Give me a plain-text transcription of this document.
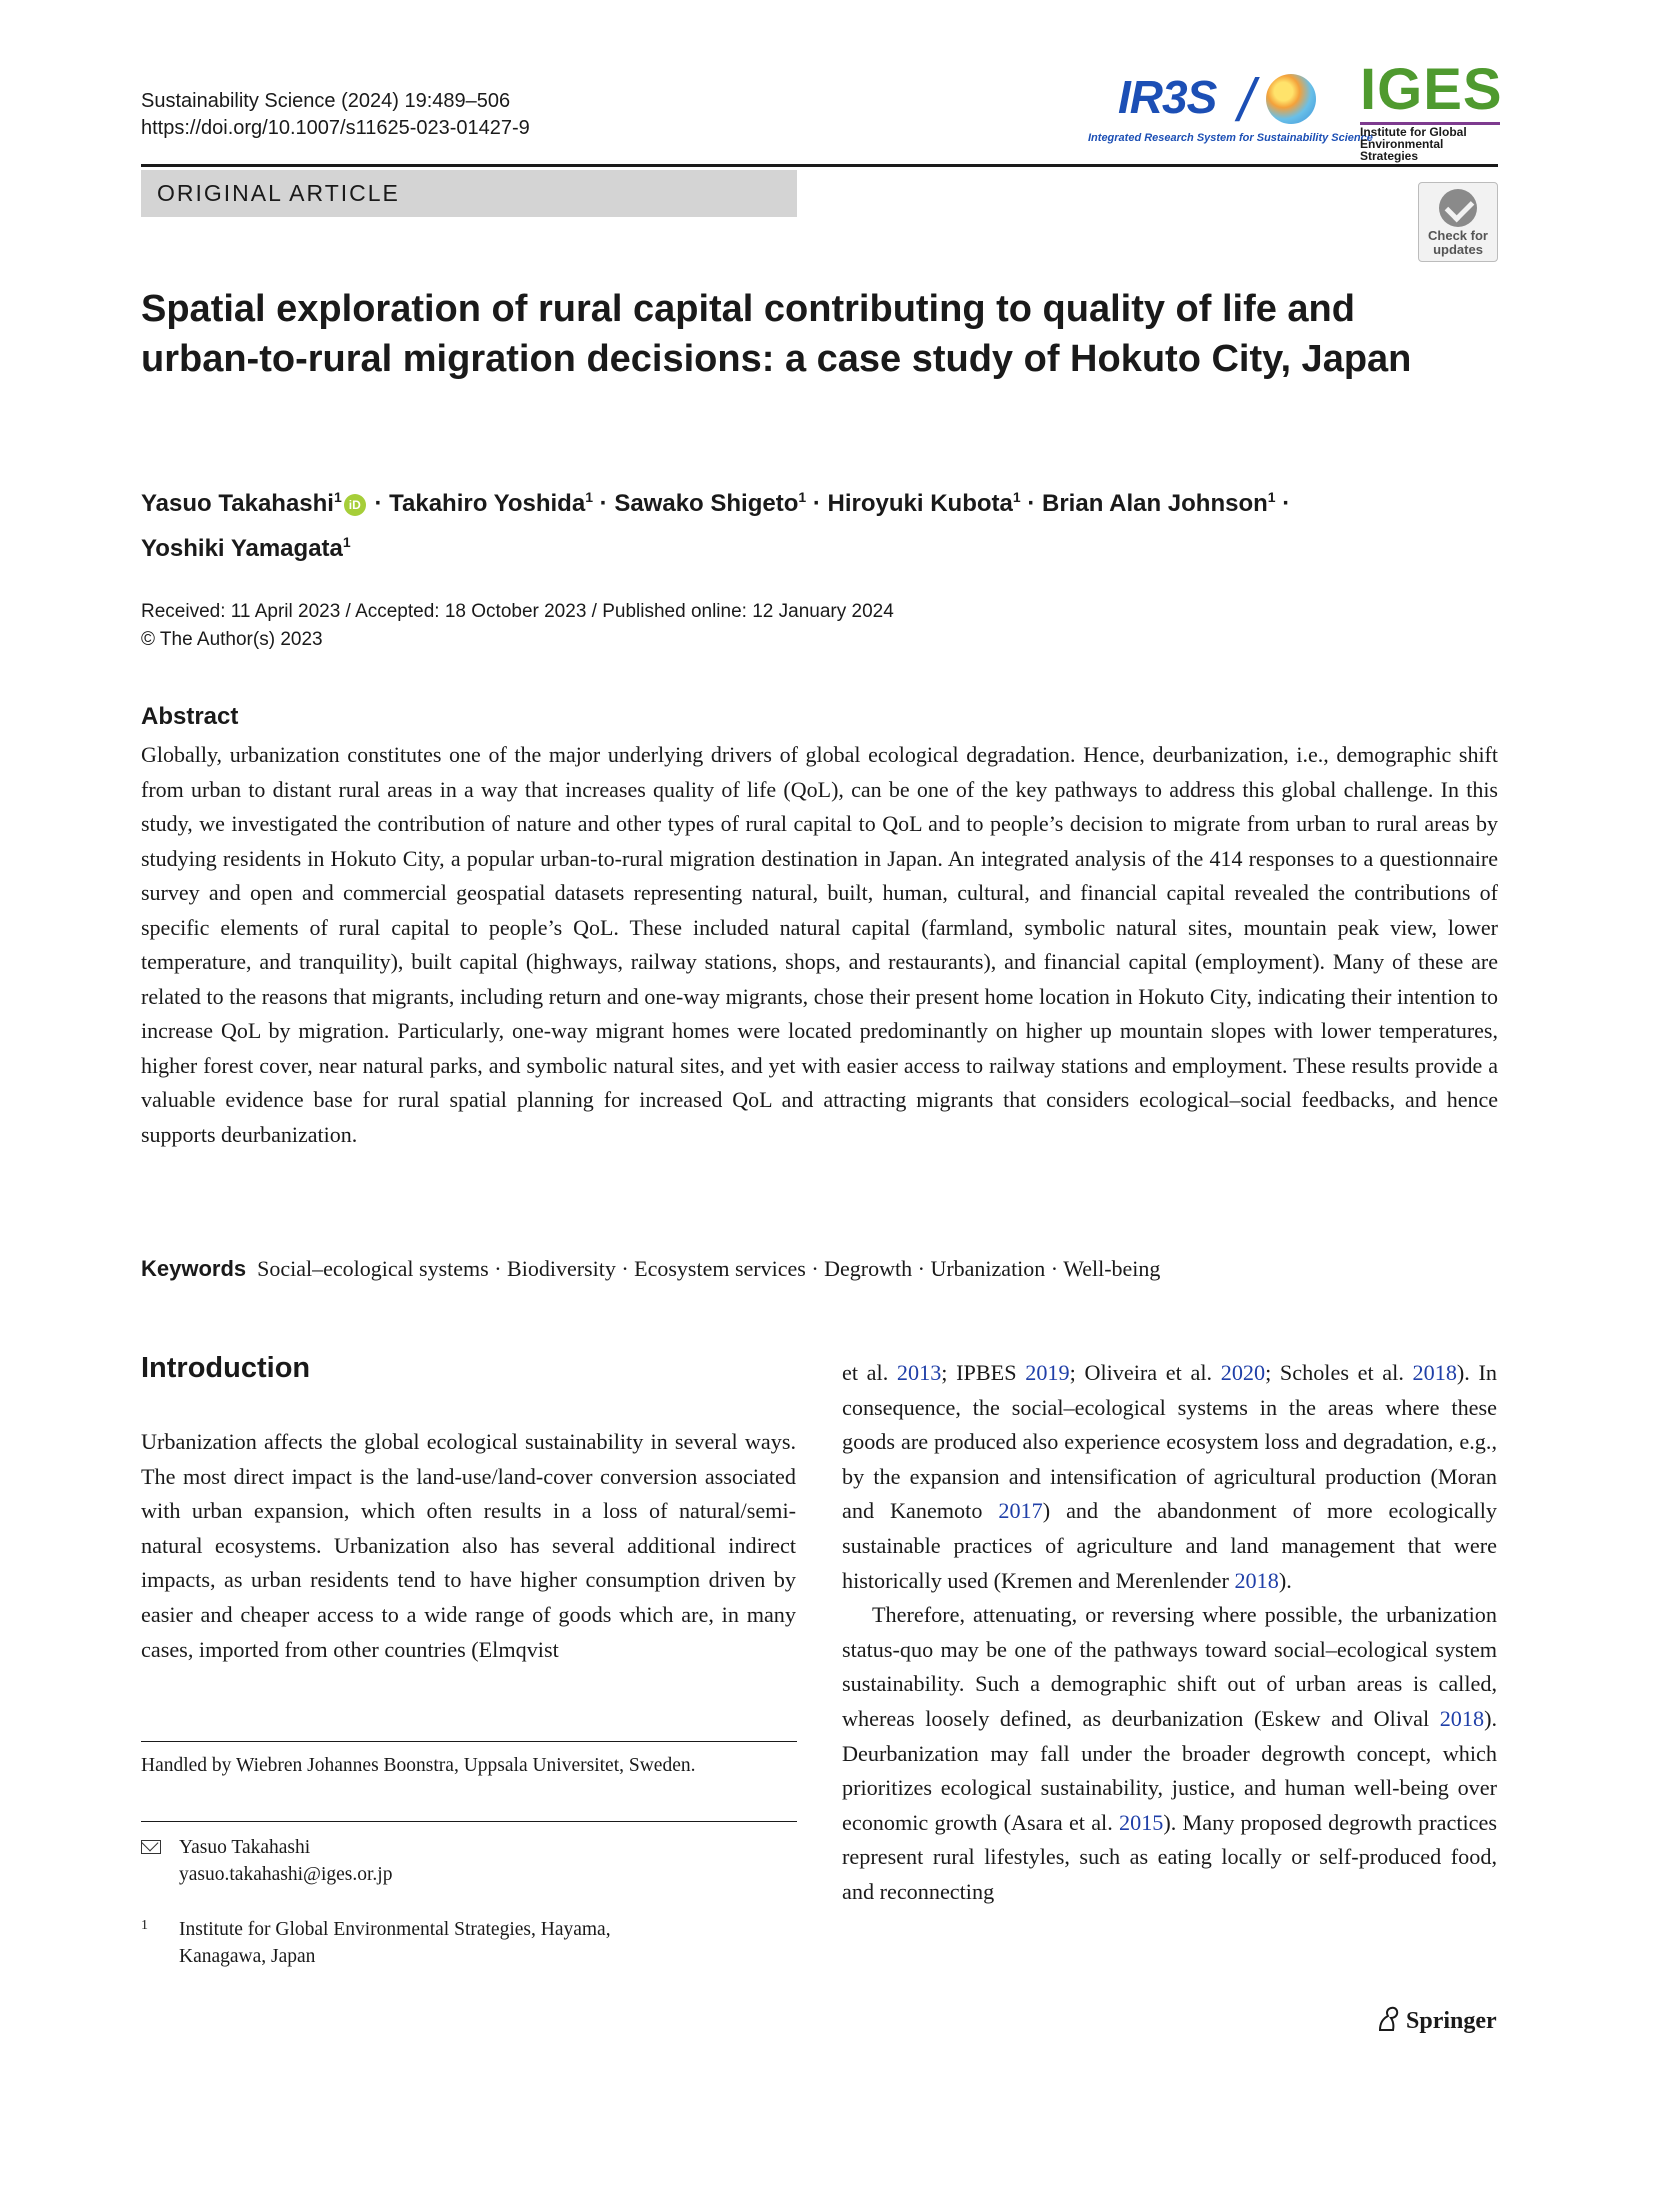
Sustainability Science (2024) 19:489–506
https://doi.org/10.1007/s11625-023-01427-9
IR3S /
Integrated Research System for Sustainability Science
IGES
Institute for Global
Environmental Strategies
ORIGINAL ARTICLE
Check for
updates
Spatial exploration of rural capital contributing to quality of life and urban-to-rural migration decisions: a case study of Hokuto City, Japan
Yasuo Takahashi$^1$ iD · Takahiro Yoshida$^1$ · Sawako Shigeto$^1$ · Hiroyuki Kubota$^1$ · Brian Alan Johnson$^1$ ·
Yoshiki Yamagata$^1$
Received: 11 April 2023 / Accepted: 18 October 2023 / Published online: 12 January 2024
© The Author(s) 2023
Abstract
Globally, urbanization constitutes one of the major underlying drivers of global ecological degradation. Hence, deurbanization, i.e., demographic shift from urban to distant rural areas in a way that increases quality of life (QoL), can be one of the key pathways to address this global challenge. In this study, we investigated the contribution of nature and other types of rural capital to QoL and to people’s decision to migrate from urban to rural areas by studying residents in Hokuto City, a popular urban-to-rural migration destination in Japan. An integrated analysis of the 414 responses to a questionnaire survey and open and commercial geospatial datasets representing natural, built, human, cultural, and financial capital revealed the contributions of specific elements of rural capital to people’s QoL. These included natural capital (farmland, symbolic natural sites, mountain peak view, lower temperature, and tranquility), built capital (highways, railway stations, shops, and restaurants), and financial capital (employment). Many of these are related to the reasons that migrants, including return and one-way migrants, chose their present home location in Hokuto City, indicating their intention to increase QoL by migration. Particularly, one-way migrant homes were located predominantly on higher up mountain slopes with lower temperatures, higher forest cover, near natural parks, and symbolic natural sites, and yet with easier access to railway stations and employment. These results provide a valuable evidence base for rural spatial planning for increased QoL and attracting migrants that considers ecological–social feedbacks, and hence supports deurbanization.
Keywords Social–ecological systems · Biodiversity · Ecosystem services · Degrowth · Urbanization · Well-being
Introduction

Urbanization affects the global ecological sustainability in several ways. The most direct impact is the land-use/land-cover conversion associated with urban expansion, which often results in a loss of natural/semi-natural ecosystems. Urbanization also has several additional indirect impacts, as urban residents tend to have higher consumption driven by easier and cheaper access to a wide range of goods which are, in many cases, imported from other countries (Elmqvist

et al. 2013; IPBES 2019; Oliveira et al. 2020; Scholes et al. 2018). In consequence, the social–ecological systems in the areas where these goods are produced also experience ecosystem loss and degradation, e.g., by the expansion and intensification of agricultural production (Moran and Kanemoto 2017) and the abandonment of more ecologically sustainable practices of agriculture and land management that were historically used (Kremen and Merenlender 2018).

Therefore, attenuating, or reversing where possible, the urbanization status-quo may be one of the pathways toward social–ecological system sustainability. Such a demographic shift out of urban areas is called, whereas loosely defined, as deurbanization (Eskew and Olival 2018). Deurbanization may fall under the broader degrowth concept, which prioritizes ecological sustainability, justice, and human well-being over economic growth (Asara et al. 2015). Many proposed degrowth practices represent rural lifestyles, such as eating locally or self-produced food, and reconnecting

Handled by Wiebren Johannes Boonstra, Uppsala Universitet, Sweden.
Yasuo Takahashi
yasuo.takahashi@iges.or.jp
1	Institute for Global Environmental Strategies, Hayama,
Kanagawa, Japan
Springer
